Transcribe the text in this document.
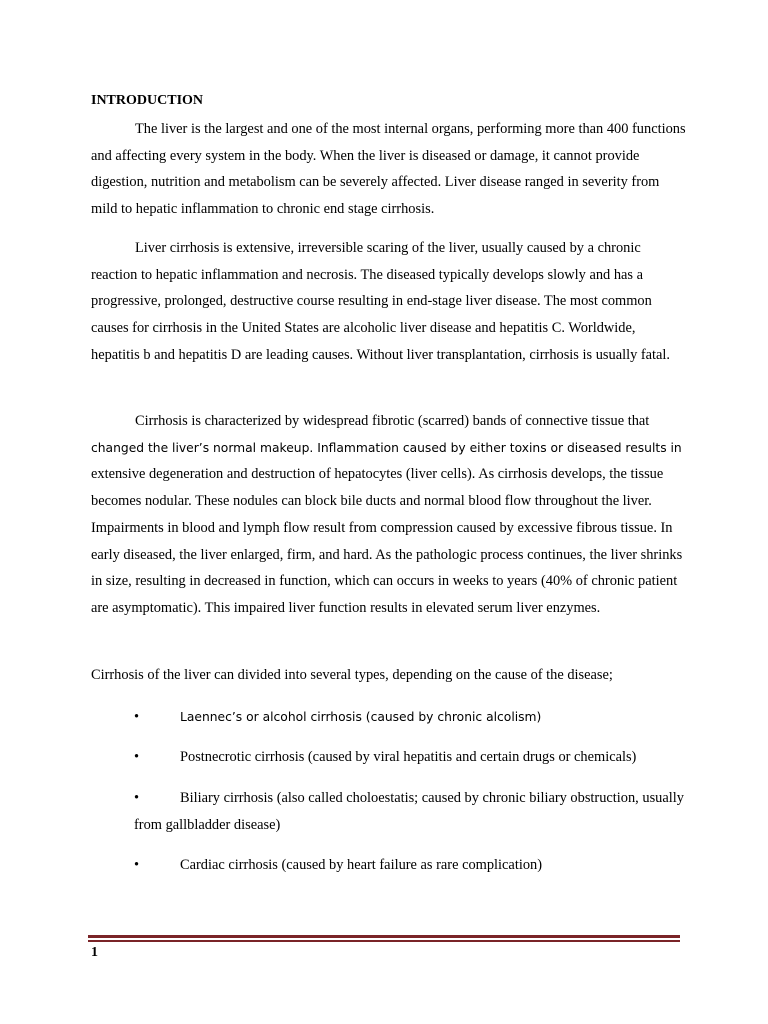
INTRODUCTION

The liver is the largest and one of the most internal organs, performing more than 400 functions and affecting every system in the body. When the liver is diseased or damage, it cannot provide digestion, nutrition and metabolism can be severely affected. Liver disease ranged in severity from mild to hepatic inflammation to chronic end stage cirrhosis.

Liver cirrhosis is extensive, irreversible scaring of the liver, usually caused by a chronic reaction to hepatic inflammation and necrosis. The diseased typically develops slowly and has a progressive, prolonged, destructive course resulting in end-stage liver disease. The most common causes for cirrhosis in the United States are alcoholic liver disease and hepatitis C. Worldwide, hepatitis b and hepatitis D are leading causes. Without liver transplantation, cirrhosis is usually fatal.

Cirrhosis is characterized by widespread fibrotic (scarred) bands of connective tissue that changed the liver’s normal makeup. Inflammation caused by either toxins or diseased results in extensive degeneration and destruction of hepatocytes (liver cells). As cirrhosis develops, the tissue becomes nodular. These nodules can block bile ducts and normal blood flow throughout the liver. Impairments in blood and lymph flow result from compression caused by excessive fibrous tissue. In early diseased, the liver enlarged, firm, and hard. As the pathologic process continues, the liver shrinks in size, resulting in decreased in function, which can occurs in weeks to years (40% of chronic patient are asymptomatic). This impaired liver function results in elevated serum liver enzymes.

Cirrhosis of the liver can divided into several types, depending on the cause of the disease;

•	Laennec’s or alcohol cirrhosis (caused by chronic alcolism)

•	Postnecrotic cirrhosis (caused by viral hepatitis and certain drugs or chemicals)

•	Biliary cirrhosis (also called choloestatis; caused by chronic biliary obstruction, usually from gallbladder disease)

•	Cardiac cirrhosis (caused by heart failure as rare complication)

1
